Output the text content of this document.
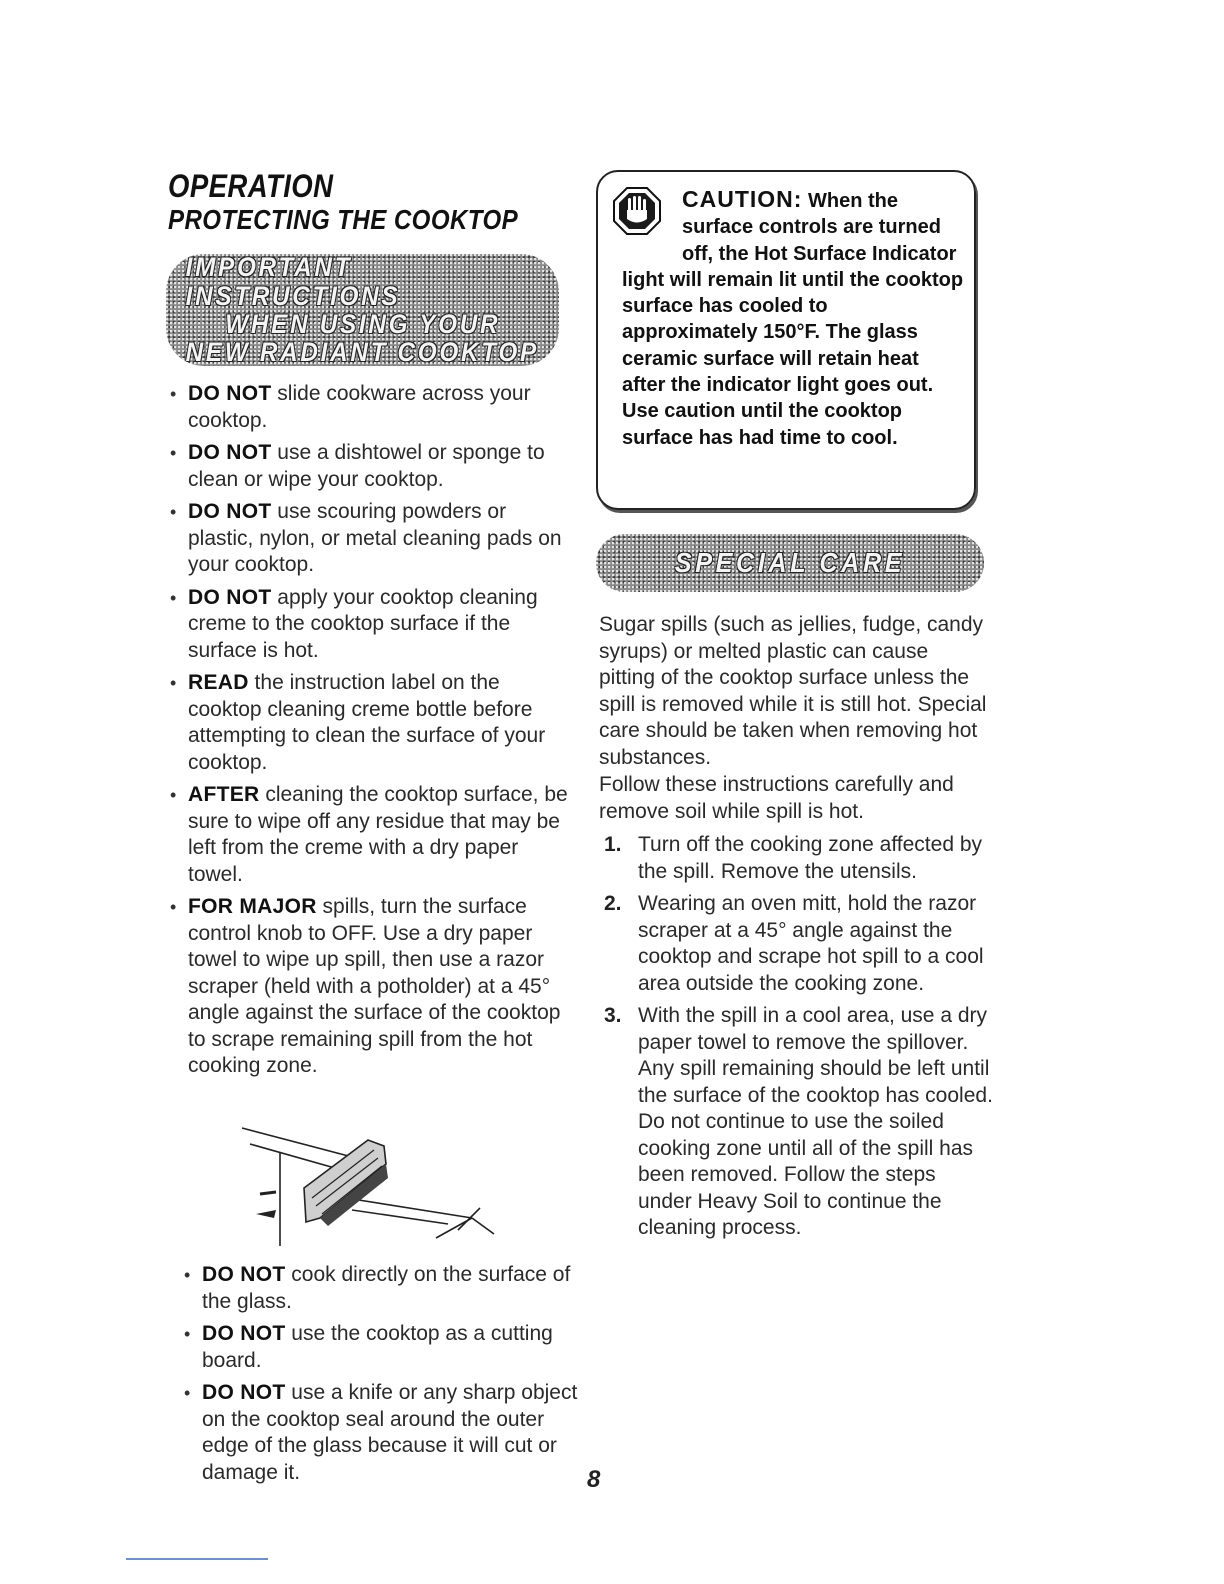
OPERATION
PROTECTING THE COOKTOP
IMPORTANT INSTRUCTIONS
WHEN USING YOUR
NEW RADIANT COOKTOP
• DO NOT slide cookware across your cooktop.
• DO NOT use a dishtowel or sponge to clean or wipe your cooktop.
• DO NOT use scouring powders or plastic, nylon, or metal cleaning pads on your cooktop.
• DO NOT apply your cooktop cleaning creme to the cooktop surface if the surface is hot.
• READ the instruction label on the cooktop cleaning creme bottle before attempting to clean the surface of your cooktop.
• AFTER cleaning the cooktop surface, be sure to wipe off any residue that may be left from the creme with a dry paper towel.
• FOR MAJOR spills, turn the surface control knob to OFF. Use a dry paper towel to wipe up spill, then use a razor scraper (held with a potholder) at a 45° angle against the surface of the cooktop to scrape remaining spill from the hot cooking zone.
• DO NOT cook directly on the surface of the glass.
• DO NOT use the cooktop as a cutting board.
• DO NOT use a knife or any sharp object on the cooktop seal around the outer edge of the glass because it will cut or damage it.

CAUTION: When the surface controls are turned off, the Hot Surface Indicator light will remain lit until the cooktop surface has cooled to approximately 150°F. The glass ceramic surface will retain heat after the indicator light goes out. Use caution until the cooktop surface has had time to cool.

SPECIAL CARE

Sugar spills (such as jellies, fudge, candy syrups) or melted plastic can cause pitting of the cooktop surface unless the spill is removed while it is still hot. Special care should be taken when removing hot substances.

Follow these instructions carefully and remove soil while spill is hot.

1. Turn off the cooking zone affected by the spill. Remove the utensils.
2. Wearing an oven mitt, hold the razor scraper at a 45° angle against the cooktop and scrape hot spill to a cool area outside the cooking zone.
3. With the spill in a cool area, use a dry paper towel to remove the spillover. Any spill remaining should be left until the surface of the cooktop has cooled. Do not continue to use the soiled cooking zone until all of the spill has been removed. Follow the steps under Heavy Soil to continue the cleaning process.
8
